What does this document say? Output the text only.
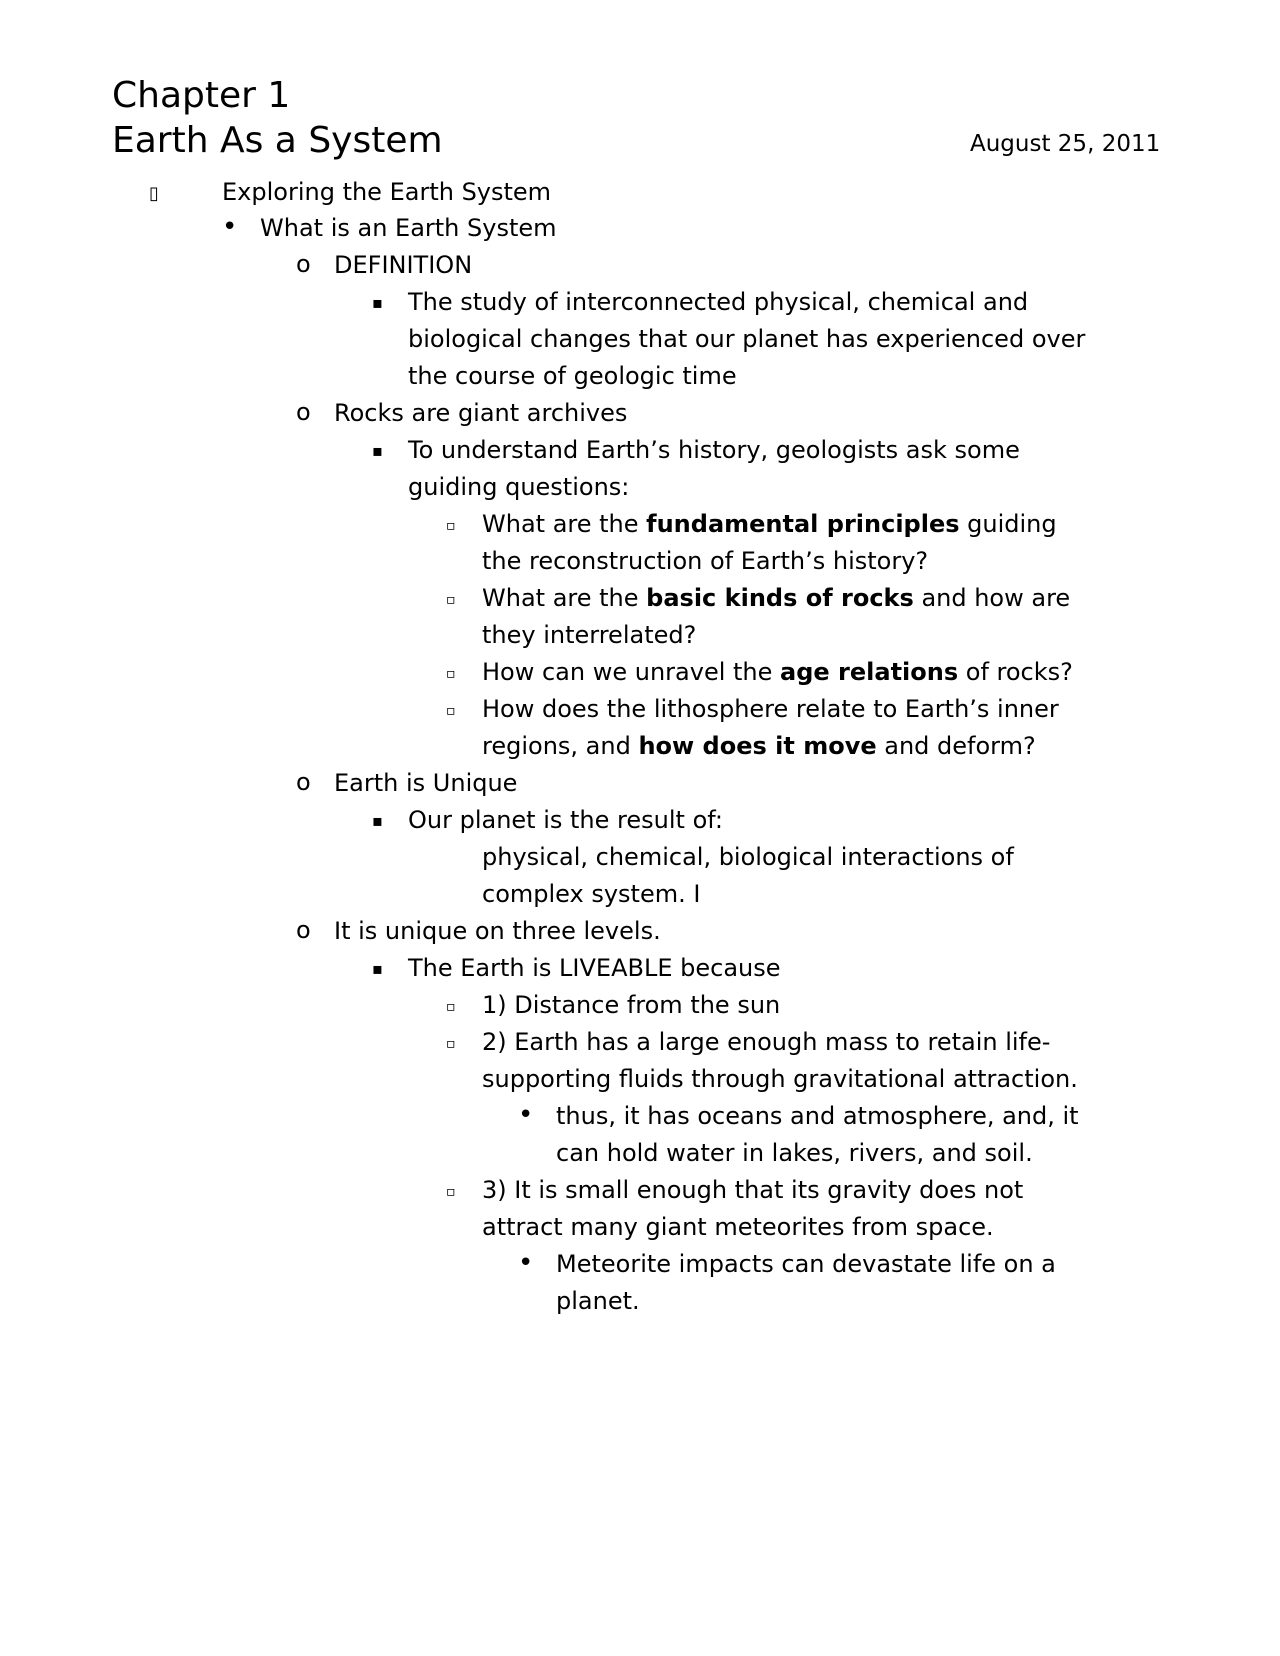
Chapter 1
Earth As a System	August 25, 2011
▯	Exploring the Earth System
• What is an Earth System
o DEFINITION
▪ The study of interconnected physical, chemical and
biological changes that our planet has experienced over
the course of geologic time
o Rocks are giant archives
▪ To understand Earth’s history, geologists ask some
guiding questions:
▫ What are the fundamental principles guiding
the reconstruction of Earth’s history?
▫ What are the basic kinds of rocks and how are
they interrelated?
▫ How can we unravel the age relations of rocks?
▫ How does the lithosphere relate to Earth’s inner
regions, and how does it move and deform?
o Earth is Unique
▪ Our planet is the result of:
physical, chemical, biological interactions of
complex system. I
o It is unique on three levels.
▪ The Earth is LIVEABLE because
▫ 1) Distance from the sun
▫ 2) Earth has a large enough mass to retain life-
supporting fluids through gravitational attraction.
• thus, it has oceans and atmosphere, and, it
can hold water in lakes, rivers, and soil.
▫ 3) It is small enough that its gravity does not
attract many giant meteorites from space.
• Meteorite impacts can devastate life on a
planet.
